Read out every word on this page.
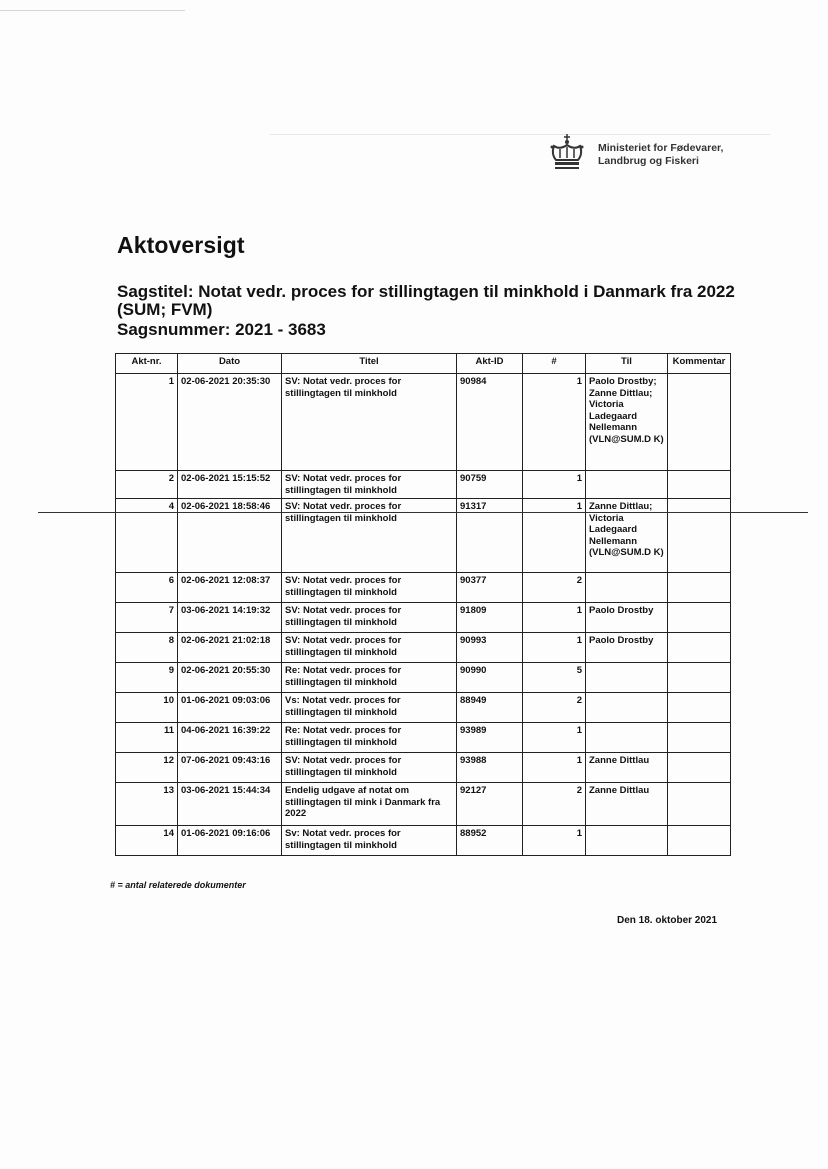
Ministeriet for Fødevarer,
Landbrug og Fiskeri
Aktoversigt
Sagstitel: Notat vedr. proces for stillingtagen til minkhold i Danmark fra 2022 (SUM; FVM)
Sagsnummer: 2021 - 3683
Akt-nr.	Dato	Titel	Akt-ID	#	Til	Kommentar
1	02-06-2021 20:35:30	SV: Notat vedr. proces for stillingtagen til minkhold	90984	1	Paolo Drostby; Zanne Dittlau; Victoria Ladegaard Nellemann (VLN@SUM.D K)	
2	02-06-2021 15:15:52	SV: Notat vedr. proces for stillingtagen til minkhold	90759	1		
4	02-06-2021 18:58:46	SV: Notat vedr. proces for stillingtagen til minkhold	91317	1	Zanne Dittlau; Victoria Ladegaard Nellemann (VLN@SUM.D K)	
6	02-06-2021 12:08:37	SV: Notat vedr. proces for stillingtagen til minkhold	90377	2		
7	03-06-2021 14:19:32	SV: Notat vedr. proces for stillingtagen til minkhold	91809	1	Paolo Drostby	
8	02-06-2021 21:02:18	SV: Notat vedr. proces for stillingtagen til minkhold	90993	1	Paolo Drostby	
9	02-06-2021 20:55:30	Re: Notat vedr. proces for stillingtagen til minkhold	90990	5		
10	01-06-2021 09:03:06	Vs: Notat vedr. proces for stillingtagen til minkhold	88949	2		
11	04-06-2021 16:39:22	Re: Notat vedr. proces for stillingtagen til minkhold	93989	1		
12	07-06-2021 09:43:16	SV: Notat vedr. proces for stillingtagen til minkhold	93988	1	Zanne Dittlau	
13	03-06-2021 15:44:34	Endelig udgave af notat om stillingtagen til mink i Danmark fra 2022	92127	2	Zanne Dittlau	
14	01-06-2021 09:16:06	Sv: Notat vedr. proces for stillingtagen til minkhold	88952	1		
# = antal relaterede dokumenter
Den 18. oktober 2021
